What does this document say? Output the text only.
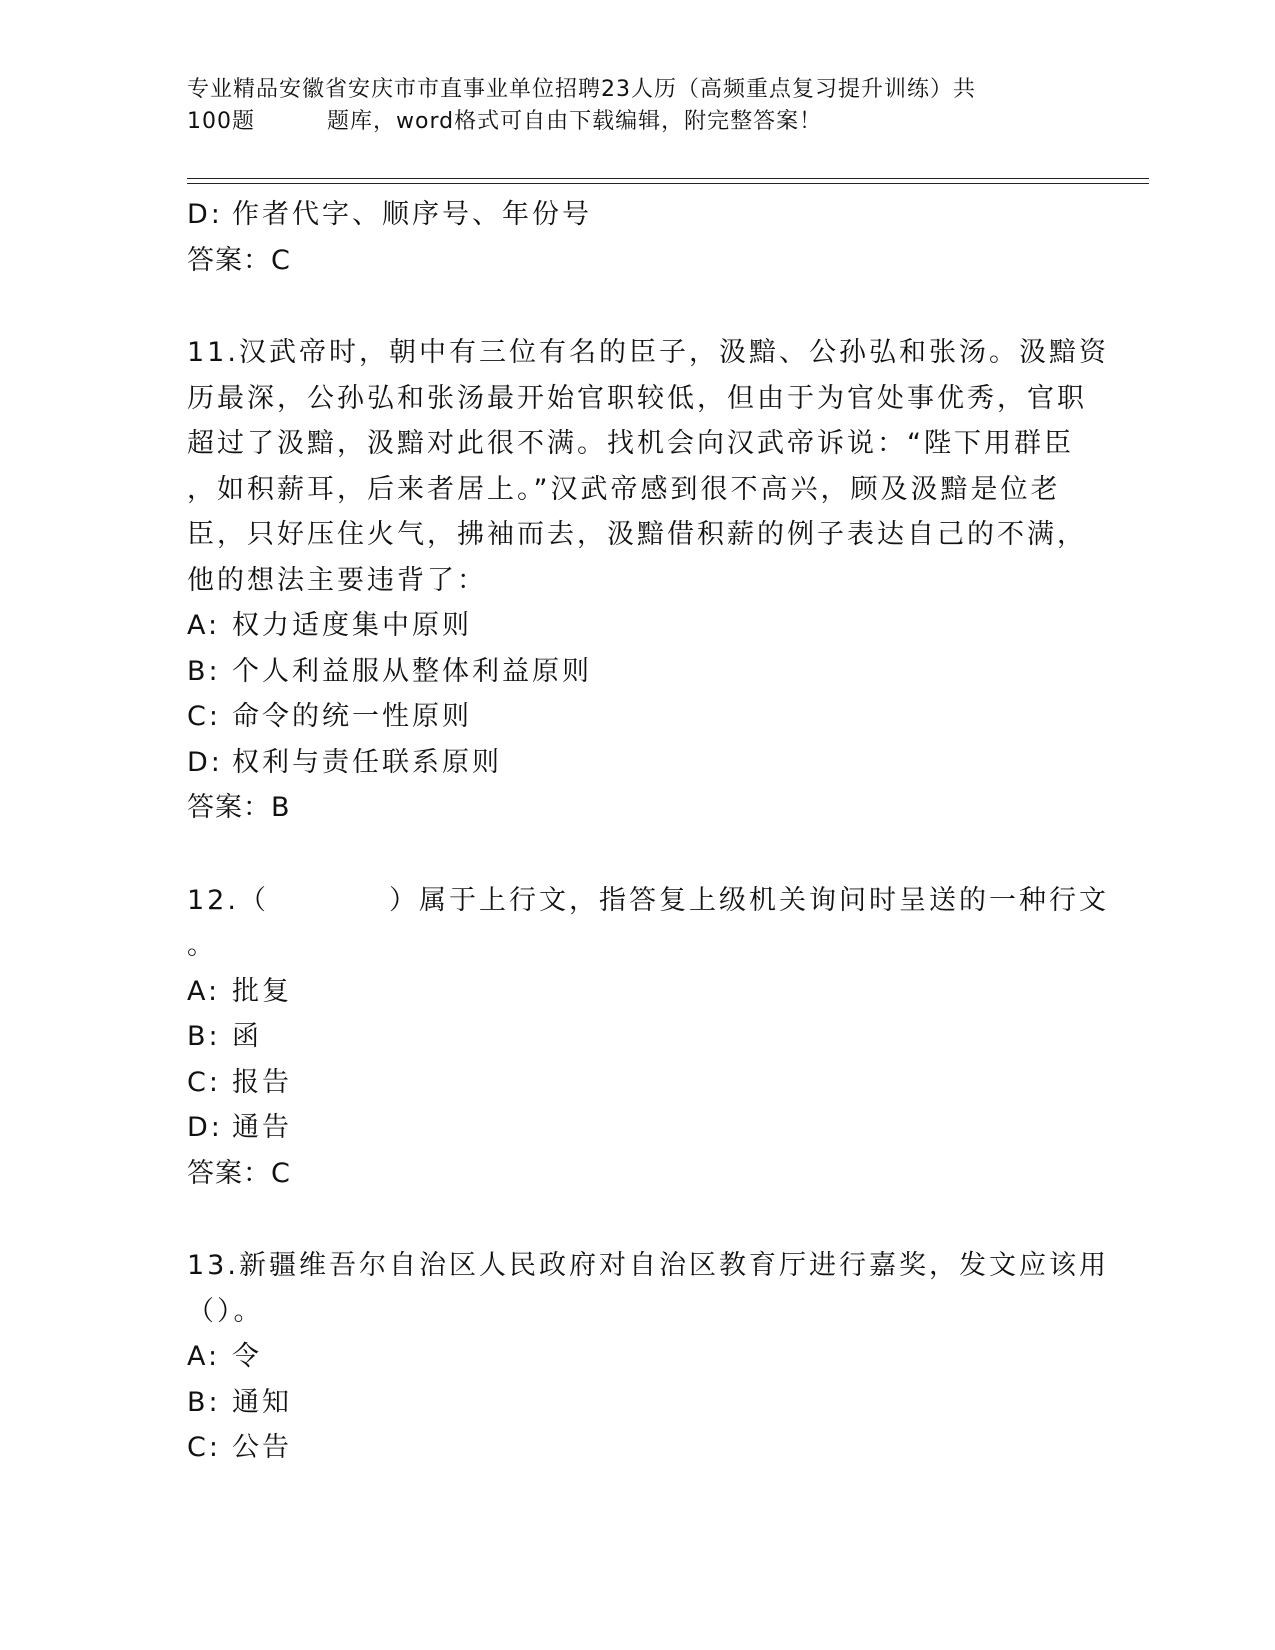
专业精品安徽省安庆市市直事业单位招聘23人历（高频重点复习提升训练）共

100题	题库，word格式可自由下载编辑，附完整答案！
D: 作者代字、顺序号、年份号
答案：C
11.汉武帝时，朝中有三位有名的臣子，汲黯、公孙弘和张汤。汲黯资
历最深，公孙弘和张汤最开始官职较低，但由于为官处事优秀，官职
超过了汲黯，汲黯对此很不满。找机会向汉武帝诉说：“陛下用群臣
，如积薪耳，后来者居上。”汉武帝感到很不高兴，顾及汲黯是位老
臣，只好压住火气，拂袖而去，汲黯借积薪的例子表达自己的不满，
他的想法主要违背了：
A: 权力适度集中原则
B: 个人利益服从整体利益原则
C: 命令的统一性原则
D: 权利与责任联系原则
答案：B
12.（　　　　）属于上行文，指答复上级机关询问时呈送的一种行文
。
A: 批复
B: 函
C: 报告
D: 通告
答案：C
13.新疆维吾尔自治区人民政府对自治区教育厅进行嘉奖，发文应该用
（）。
A: 令
B: 通知
C: 公告
